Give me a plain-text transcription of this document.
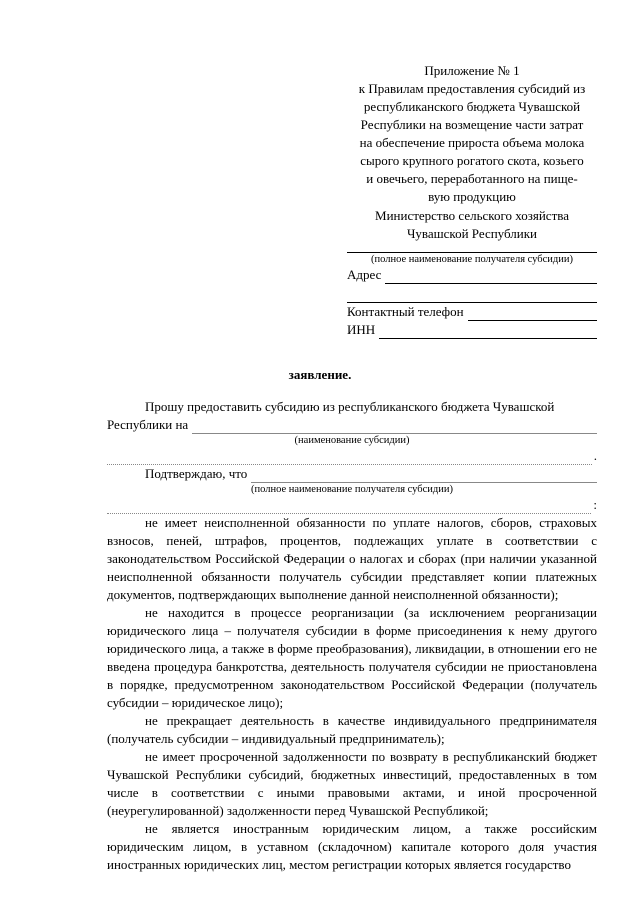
Приложение № 1
к Правилам предоставления субсидий из
республиканского бюджета Чувашской
Республики на возмещение части затрат
на обеспечение прироста объема молока
сырого крупного рогатого скота, козьего
и овечьего, переработанного на пище-
вую продукцию
Министерство сельского хозяйства
Чувашской Республики
(полное наименование получателя субсидии)
Адрес
Контактный телефон
ИНН
заявление.

Прошу предоставить субсидию из республиканского бюджета Чувашской

Республики на
(наименование субсидии)
.
Подтверждаю, что
(полное наименование получателя субсидии)
:

не имеет неисполненной обязанности по уплате налогов, сборов, страховых взносов, пеней, штрафов, процентов, подлежащих уплате в соответствии с законодательством Российской Федерации о налогах и сборах (при наличии указанной неисполненной обязанности получатель субсидии представляет копии платежных документов, подтверждающих выполнение данной неисполненной обязанности);

не находится в процессе реорганизации (за исключением реорганизации юридического лица – получателя субсидии в форме присоединения к нему другого юридического лица, а также в форме преобразования), ликвидации, в отношении его не введена процедура банкротства, деятельность получателя субсидии не приостановлена в порядке, предусмотренном законодательством Российской Федерации (получатель субсидии – юридическое лицо);

не прекращает деятельность в качестве индивидуального предпринимателя (получатель субсидии – индивидуальный предприниматель);

не имеет просроченной задолженности по возврату в республиканский бюджет Чувашской Республики субсидий, бюджетных инвестиций, предоставленных в том числе в соответствии с иными правовыми актами, и иной просроченной (неурегулированной) задолженности перед Чувашской Республикой;

не является иностранным юридическим лицом, а также российским юридическим лицом, в уставном (складочном) капитале которого доля участия иностранных юридических лиц, местом регистрации которых является государство
